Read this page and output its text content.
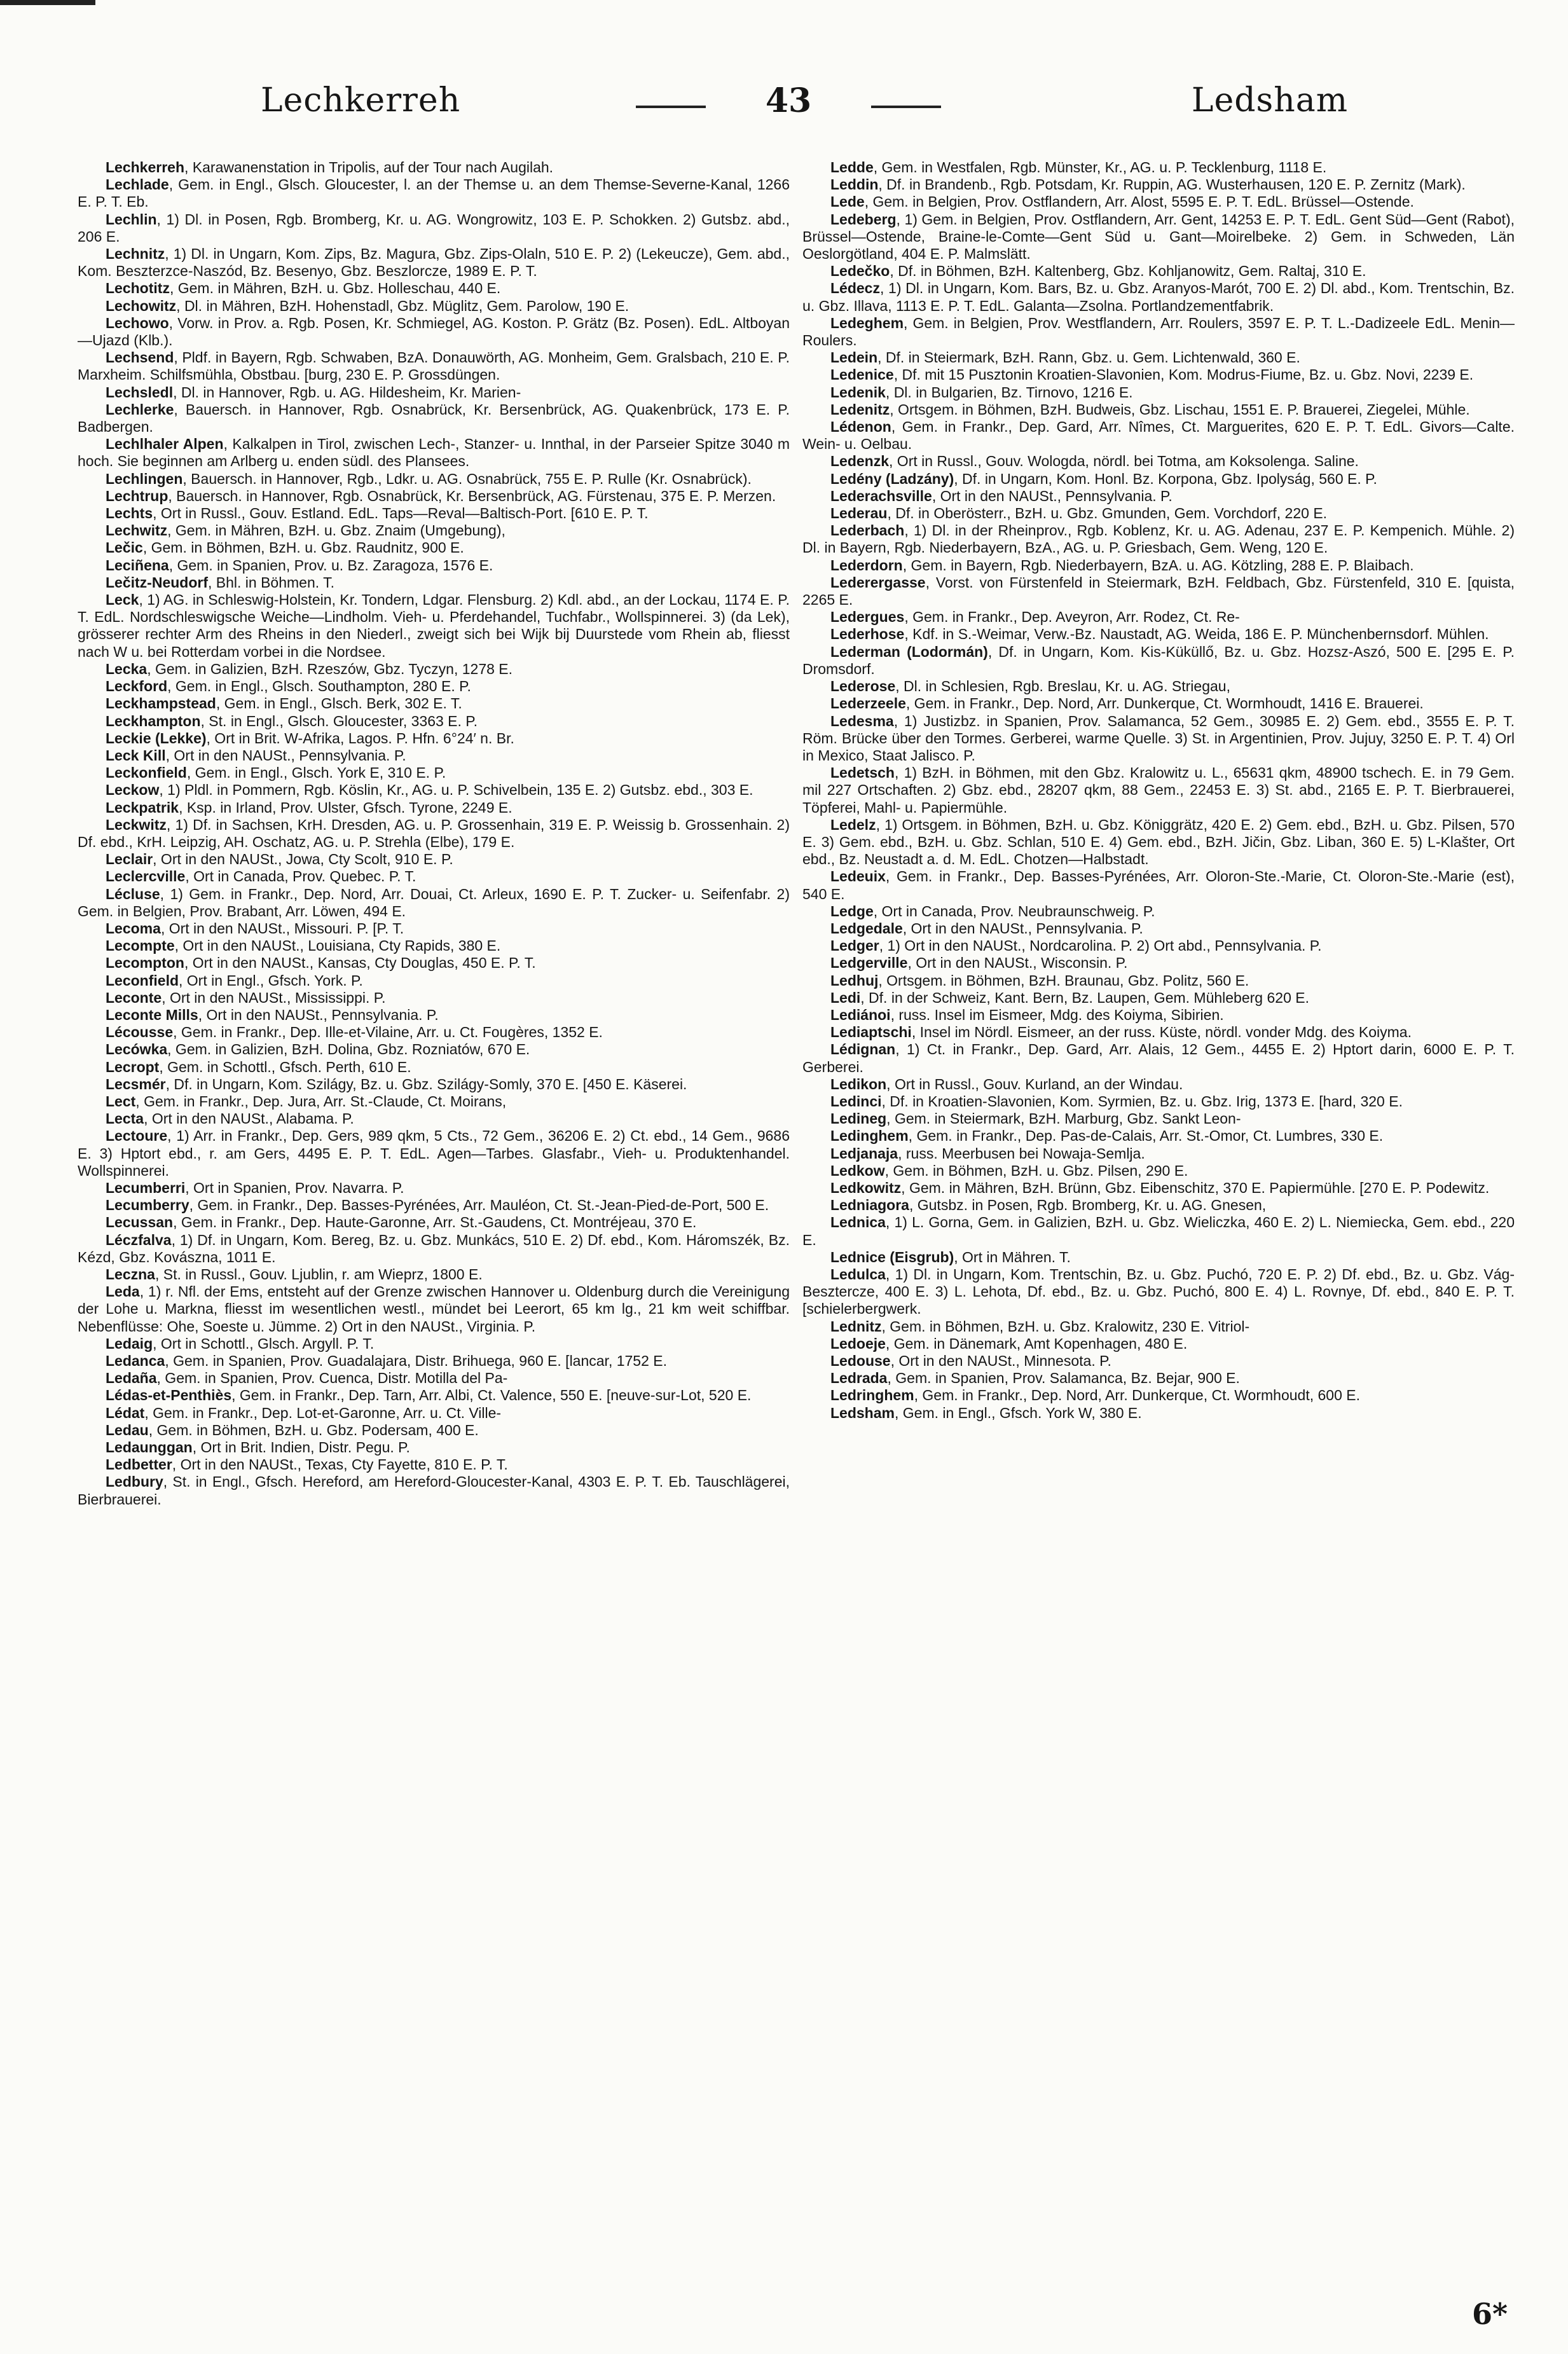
Lechkerreh	43	Ledsham

Lechkerreh, Karawanenstation in Tripolis, auf der Tour nach Augilah.

Lechlade, Gem. in Engl., Glsch. Gloucester, l. an der Themse u. an dem Themse-Severne-Kanal, 1266 E. P. T. Eb.

Lechlin, 1) Dl. in Posen, Rgb. Bromberg, Kr. u. AG. Wongrowitz, 103 E. P. Schokken. 2) Gutsbz. abd., 206 E.

Lechnitz, 1) Dl. in Ungarn, Kom. Zips, Bz. Magura, Gbz. Zips-Olaln, 510 E. P. 2) (Lekeucze), Gem. abd., Kom. Beszterzce-Naszód, Bz. Besenyo, Gbz. Beszlorcze, 1989 E. P. T.

Lechotitz, Gem. in Mähren, BzH. u. Gbz. Holleschau, 440 E.

Lechowitz, Dl. in Mähren, BzH. Hohenstadl, Gbz. Müglitz, Gem. Parolow, 190 E.

Lechowo, Vorw. in Prov. a. Rgb. Posen, Kr. Schmiegel, AG. Koston. P. Grätz (Bz. Posen). EdL. Altboyan—Ujazd (Klb.).

Lechsend, Pldf. in Bayern, Rgb. Schwaben, BzA. Donauwörth, AG. Monheim, Gem. Gralsbach, 210 E. P. Marxheim. Schilfsmühla, Obstbau. [burg, 230 E. P. Grossdüngen.

Lechsledl, Dl. in Hannover, Rgb. u. AG. Hildesheim, Kr. Marien-

Lechlerke, Bauersch. in Hannover, Rgb. Osnabrück, Kr. Bersenbrück, AG. Quakenbrück, 173 E. P. Badbergen.

Lechlhaler Alpen, Kalkalpen in Tirol, zwischen Lech-, Stanzer- u. Innthal, in der Parseier Spitze 3040 m hoch. Sie beginnen am Arlberg u. enden südl. des Plansees.

Lechlingen, Bauersch. in Hannover, Rgb., Ldkr. u. AG. Osnabrück, 755 E. P. Rulle (Kr. Osnabrück).

Lechtrup, Bauersch. in Hannover, Rgb. Osnabrück, Kr. Bersenbrück, AG. Fürstenau, 375 E. P. Merzen.

Lechts, Ort in Russl., Gouv. Estland. EdL. Taps—Reval—Baltisch-Port. [610 E. P. T.

Lechwitz, Gem. in Mähren, BzH. u. Gbz. Znaim (Umgebung),

Lečic, Gem. in Böhmen, BzH. u. Gbz. Raudnitz, 900 E.

Leciñena, Gem. in Spanien, Prov. u. Bz. Zaragoza, 1576 E.

Lečitz-Neudorf, Bhl. in Böhmen. T.

Leck, 1) AG. in Schleswig-Holstein, Kr. Tondern, Ldgar. Flensburg. 2) Kdl. abd., an der Lockau, 1174 E. P. T. EdL. Nordschleswigsche Weiche—Lindholm. Vieh- u. Pferdehandel, Tuchfabr., Wollspinnerei. 3) (da Lek), grösserer rechter Arm des Rheins in den Niederl., zweigt sich bei Wijk bij Duurstede vom Rhein ab, fliesst nach W u. bei Rotterdam vorbei in die Nordsee.

Lecka, Gem. in Galizien, BzH. Rzeszów, Gbz. Tyczyn, 1278 E.

Leckford, Gem. in Engl., Glsch. Southampton, 280 E. P.

Leckhampstead, Gem. in Engl., Glsch. Berk, 302 E. T.

Leckhampton, St. in Engl., Glsch. Gloucester, 3363 E. P.

Leckie (Lekke), Ort in Brit. W-Afrika, Lagos. P. Hfn. 6°24′ n. Br.

Leck Kill, Ort in den NAUSt., Pennsylvania. P.

Leckonfield, Gem. in Engl., Glsch. York E, 310 E. P.

Leckow, 1) Pldl. in Pommern, Rgb. Köslin, Kr., AG. u. P. Schivelbein, 135 E. 2) Gutsbz. ebd., 303 E.

Leckpatrik, Ksp. in Irland, Prov. Ulster, Gfsch. Tyrone, 2249 E.

Leckwitz, 1) Df. in Sachsen, KrH. Dresden, AG. u. P. Grossenhain, 319 E. P. Weissig b. Grossenhain. 2) Df. ebd., KrH. Leipzig, AH. Oschatz, AG. u. P. Strehla (Elbe), 179 E.

Leclair, Ort in den NAUSt., Jowa, Cty Scolt, 910 E. P.

Leclercville, Ort in Canada, Prov. Quebec. P. T.

Lécluse, 1) Gem. in Frankr., Dep. Nord, Arr. Douai, Ct. Arleux, 1690 E. P. T. Zucker- u. Seifenfabr. 2) Gem. in Belgien, Prov. Brabant, Arr. Löwen, 494 E.

Lecoma, Ort in den NAUSt., Missouri. P. [P. T.

Lecompte, Ort in den NAUSt., Louisiana, Cty Rapids, 380 E.

Lecompton, Ort in den NAUSt., Kansas, Cty Douglas, 450 E. P. T.

Leconfield, Ort in Engl., Gfsch. York. P.

Leconte, Ort in den NAUSt., Mississippi. P.

Leconte Mills, Ort in den NAUSt., Pennsylvania. P.

Lécousse, Gem. in Frankr., Dep. Ille-et-Vilaine, Arr. u. Ct. Fougères, 1352 E.

Lecówka, Gem. in Galizien, BzH. Dolina, Gbz. Rozniatów, 670 E.

Lecropt, Gem. in Schottl., Gfsch. Perth, 610 E.

Lecsmér, Df. in Ungarn, Kom. Szilágy, Bz. u. Gbz. Szilágy-Somly, 370 E. [450 E. Käserei.

Lect, Gem. in Frankr., Dep. Jura, Arr. St.-Claude, Ct. Moirans,

Lecta, Ort in den NAUSt., Alabama. P.

Lectoure, 1) Arr. in Frankr., Dep. Gers, 989 qkm, 5 Cts., 72 Gem., 36206 E. 2) Ct. ebd., 14 Gem., 9686 E. 3) Hptort ebd., r. am Gers, 4495 E. P. T. EdL. Agen—Tarbes. Glasfabr., Vieh- u. Produktenhandel. Wollspinnerei.

Lecumberri, Ort in Spanien, Prov. Navarra. P.

Lecumberry, Gem. in Frankr., Dep. Basses-Pyrénées, Arr. Mauléon, Ct. St.-Jean-Pied-de-Port, 500 E.

Lecussan, Gem. in Frankr., Dep. Haute-Garonne, Arr. St.-Gaudens, Ct. Montréjeau, 370 E.

Léczfalva, 1) Df. in Ungarn, Kom. Bereg, Bz. u. Gbz. Munkács, 510 E. 2) Df. ebd., Kom. Háromszék, Bz. Kézd, Gbz. Kovászna, 1011 E.

Leczna, St. in Russl., Gouv. Ljublin, r. am Wieprz, 1800 E.

Leda, 1) r. Nfl. der Ems, entsteht auf der Grenze zwischen Hannover u. Oldenburg durch die Vereinigung der Lohe u. Markna, fliesst im wesentlichen westl., mündet bei Leerort, 65 km lg., 21 km weit schiffbar. Nebenflüsse: Ohe, Soeste u. Jümme. 2) Ort in den NAUSt., Virginia. P.

Ledaig, Ort in Schottl., Glsch. Argyll. P. T.

Ledanca, Gem. in Spanien, Prov. Guadalajara, Distr. Brihuega, 960 E. [lancar, 1752 E.

Ledaña, Gem. in Spanien, Prov. Cuenca, Distr. Motilla del Pa-

Lédas-et-Penthiès, Gem. in Frankr., Dep. Tarn, Arr. Albi, Ct. Valence, 550 E. [neuve-sur-Lot, 520 E.

Lédat, Gem. in Frankr., Dep. Lot-et-Garonne, Arr. u. Ct. Ville-

Ledau, Gem. in Böhmen, BzH. u. Gbz. Podersam, 400 E.

Ledaunggan, Ort in Brit. Indien, Distr. Pegu. P.

Ledbetter, Ort in den NAUSt., Texas, Cty Fayette, 810 E. P. T.

Ledbury, St. in Engl., Gfsch. Hereford, am Hereford-Gloucester-Kanal, 4303 E. P. T. Eb. Tauschlägerei, Bierbrauerei.

Ledde, Gem. in Westfalen, Rgb. Münster, Kr., AG. u. P. Tecklenburg, 1118 E.

Leddin, Df. in Brandenb., Rgb. Potsdam, Kr. Ruppin, AG. Wusterhausen, 120 E. P. Zernitz (Mark).

Lede, Gem. in Belgien, Prov. Ostflandern, Arr. Alost, 5595 E. P. T. EdL. Brüssel—Ostende.

Ledeberg, 1) Gem. in Belgien, Prov. Ostflandern, Arr. Gent, 14253 E. P. T. EdL. Gent Süd—Gent (Rabot), Brüssel—Ostende, Braine-le-Comte—Gent Süd u. Gant—Moirelbeke. 2) Gem. in Schweden, Län Oeslorgötland, 404 E. P. Malmslätt.

Ledečko, Df. in Böhmen, BzH. Kaltenberg, Gbz. Kohljanowitz, Gem. Raltaj, 310 E.

Lédecz, 1) Dl. in Ungarn, Kom. Bars, Bz. u. Gbz. Aranyos-Marót, 700 E. 2) Dl. abd., Kom. Trentschin, Bz. u. Gbz. Illava, 1113 E. P. T. EdL. Galanta—Zsolna. Portlandzementfabrik.

Ledeghem, Gem. in Belgien, Prov. Westflandern, Arr. Roulers, 3597 E. P. T. L.-Dadizeele EdL. Menin—Roulers.

Ledein, Df. in Steiermark, BzH. Rann, Gbz. u. Gem. Lichtenwald, 360 E.

Ledenice, Df. mit 15 Pusztonin Kroatien-Slavonien, Kom. Modrus-Fiume, Bz. u. Gbz. Novi, 2239 E.

Ledenik, Dl. in Bulgarien, Bz. Tirnovo, 1216 E.

Ledenitz, Ortsgem. in Böhmen, BzH. Budweis, Gbz. Lischau, 1551 E. P. Brauerei, Ziegelei, Mühle.

Lédenon, Gem. in Frankr., Dep. Gard, Arr. Nîmes, Ct. Marguerites, 620 E. P. T. EdL. Givors—Calte. Wein- u. Oelbau.

Ledenzk, Ort in Russl., Gouv. Wologda, nördl. bei Totma, am Koksolenga. Saline.

Ledény (Ladzány), Df. in Ungarn, Kom. Honl. Bz. Korpona, Gbz. Ipolyság, 560 E. P.

Lederachsville, Ort in den NAUSt., Pennsylvania. P.

Lederau, Df. in Oberösterr., BzH. u. Gbz. Gmunden, Gem. Vorchdorf, 220 E.

Lederbach, 1) Dl. in der Rheinprov., Rgb. Koblenz, Kr. u. AG. Adenau, 237 E. P. Kempenich. Mühle. 2) Dl. in Bayern, Rgb. Niederbayern, BzA., AG. u. P. Griesbach, Gem. Weng, 120 E.

Lederdorn, Gem. in Bayern, Rgb. Niederbayern, BzA. u. AG. Kötzling, 288 E. P. Blaibach.

Lederergasse, Vorst. von Fürstenfeld in Steiermark, BzH. Feldbach, Gbz. Fürstenfeld, 310 E. [quista, 2265 E.

Ledergues, Gem. in Frankr., Dep. Aveyron, Arr. Rodez, Ct. Re-

Lederhose, Kdf. in S.-Weimar, Verw.-Bz. Naustadt, AG. Weida, 186 E. P. Münchenbernsdorf. Mühlen.

Lederman (Lodormán), Df. in Ungarn, Kom. Kis-Küküllő, Bz. u. Gbz. Hozsz-Aszó, 500 E. [295 E. P. Dromsdorf.

Lederose, Dl. in Schlesien, Rgb. Breslau, Kr. u. AG. Striegau,

Lederzeele, Gem. in Frankr., Dep. Nord, Arr. Dunkerque, Ct. Wormhoudt, 1416 E. Brauerei.

Ledesma, 1) Justizbz. in Spanien, Prov. Salamanca, 52 Gem., 30985 E. 2) Gem. ebd., 3555 E. P. T. Röm. Brücke über den Tormes. Gerberei, warme Quelle. 3) St. in Argentinien, Prov. Jujuy, 3250 E. P. T. 4) Orl in Mexico, Staat Jalisco. P.

Ledetsch, 1) BzH. in Böhmen, mit den Gbz. Kralowitz u. L., 65631 qkm, 48900 tschech. E. in 79 Gem. mil 227 Ortschaften. 2) Gbz. ebd., 28207 qkm, 88 Gem., 22453 E. 3) St. abd., 2165 E. P. T. Bierbrauerei, Töpferei, Mahl- u. Papiermühle.

Ledelz, 1) Ortsgem. in Böhmen, BzH. u. Gbz. Königgrätz, 420 E. 2) Gem. ebd., BzH. u. Gbz. Pilsen, 570 E. 3) Gem. ebd., BzH. u. Gbz. Schlan, 510 E. 4) Gem. ebd., BzH. Jičin, Gbz. Liban, 360 E. 5) L-Klašter, Ort ebd., Bz. Neustadt a. d. M. EdL. Chotzen—Halbstadt.

Ledeuix, Gem. in Frankr., Dep. Basses-Pyrénées, Arr. Oloron-Ste.-Marie, Ct. Oloron-Ste.-Marie (est), 540 E.

Ledge, Ort in Canada, Prov. Neubraunschweig. P.

Ledgedale, Ort in den NAUSt., Pennsylvania. P.

Ledger, 1) Ort in den NAUSt., Nordcarolina. P. 2) Ort abd., Pennsylvania. P.

Ledgerville, Ort in den NAUSt., Wisconsin. P.

Ledhuj, Ortsgem. in Böhmen, BzH. Braunau, Gbz. Politz, 560 E.

Ledi, Df. in der Schweiz, Kant. Bern, Bz. Laupen, Gem. Mühleberg 620 E.

Lediánoi, russ. Insel im Eismeer, Mdg. des Koiyma, Sibirien.

Lediaptschi, Insel im Nördl. Eismeer, an der russ. Küste, nördl. vonder Mdg. des Koiyma.

Lédignan, 1) Ct. in Frankr., Dep. Gard, Arr. Alais, 12 Gem., 4455 E. 2) Hptort darin, 6000 E. P. T. Gerberei.

Ledikon, Ort in Russl., Gouv. Kurland, an der Windau.

Ledinci, Df. in Kroatien-Slavonien, Kom. Syrmien, Bz. u. Gbz. Irig, 1373 E. [hard, 320 E.

Ledineg, Gem. in Steiermark, BzH. Marburg, Gbz. Sankt Leon-

Ledinghem, Gem. in Frankr., Dep. Pas-de-Calais, Arr. St.-Omor, Ct. Lumbres, 330 E.

Ledjanaja, russ. Meerbusen bei Nowaja-Semlja.

Ledkow, Gem. in Böhmen, BzH. u. Gbz. Pilsen, 290 E.

Ledkowitz, Gem. in Mähren, BzH. Brünn, Gbz. Eibenschitz, 370 E. Papiermühle. [270 E. P. Podewitz.

Ledniagora, Gutsbz. in Posen, Rgb. Bromberg, Kr. u. AG. Gnesen,

Lednica, 1) L. Gorna, Gem. in Galizien, BzH. u. Gbz. Wieliczka, 460 E. 2) L. Niemiecka, Gem. ebd., 220 E.

Lednice (Eisgrub), Ort in Mähren. T.

Ledulca, 1) Dl. in Ungarn, Kom. Trentschin, Bz. u. Gbz. Puchó, 720 E. P. 2) Df. ebd., Bz. u. Gbz. Vág-Besztercze, 400 E. 3) L. Lehota, Df. ebd., Bz. u. Gbz. Puchó, 800 E. 4) L. Rovnye, Df. ebd., 840 E. P. T. [schielerbergwerk.

Lednitz, Gem. in Böhmen, BzH. u. Gbz. Kralowitz, 230 E. Vitriol-

Ledoeje, Gem. in Dänemark, Amt Kopenhagen, 480 E.

Ledouse, Ort in den NAUSt., Minnesota. P.

Ledrada, Gem. in Spanien, Prov. Salamanca, Bz. Bejar, 900 E.

Ledringhem, Gem. in Frankr., Dep. Nord, Arr. Dunkerque, Ct. Wormhoudt, 600 E.

Ledsham, Gem. in Engl., Gfsch. York W, 380 E.

6*
